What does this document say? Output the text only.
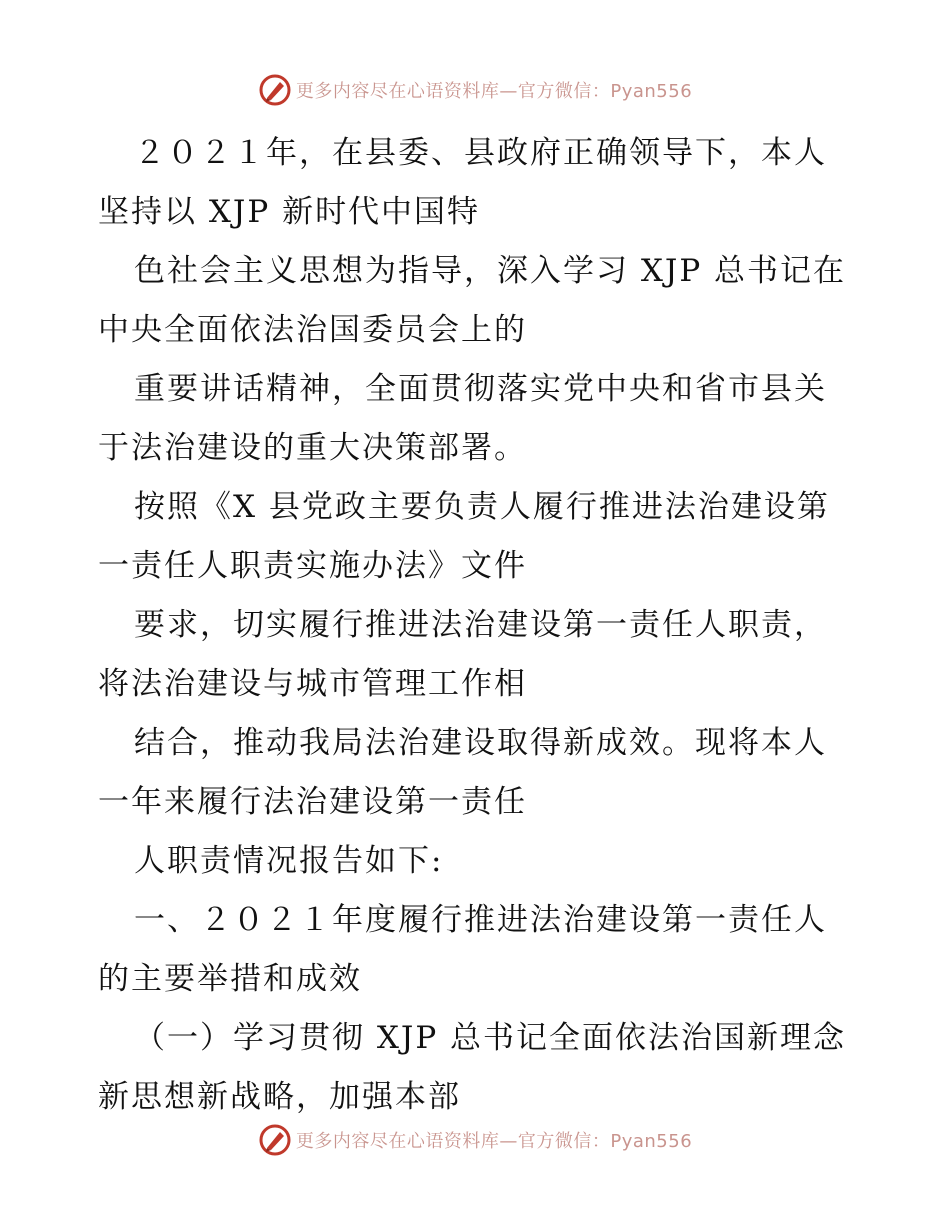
更多内容尽在心语资料库—官方微信：Pyan556

２０２１年，在县委、县政府正确领导下，本人坚持以 XJP 新时代中国特

色社会主义思想为指导，深入学习 XJP 总书记在中央全面依法治国委员会上的

重要讲话精神，全面贯彻落实党中央和省市县关于法治建设的重大决策部署。

按照《X 县党政主要负责人履行推进法治建设第一责任人职责实施办法》文件

要求，切实履行推进法治建设第一责任人职责，将法治建设与城市管理工作相

结合，推动我局法治建设取得新成效。现将本人一年来履行法治建设第一责任

人职责情况报告如下:

一、２０２１年度履行推进法治建设第一责任人的主要举措和成效

（一）学习贯彻 XJP 总书记全面依法治国新理念新思想新战略，加强本部

更多内容尽在心语资料库—官方微信：Pyan556
